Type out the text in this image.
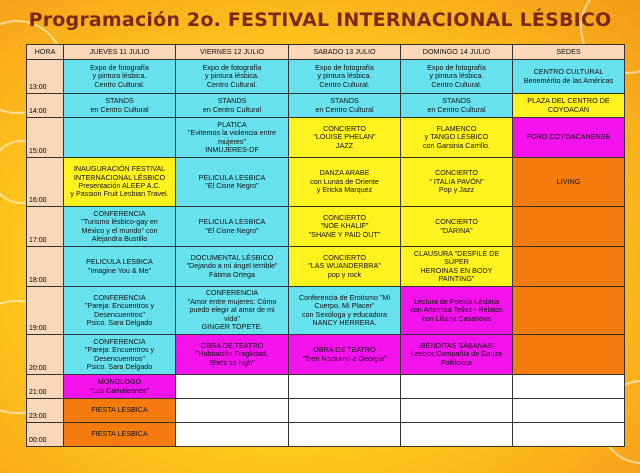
Programación 2o. FESTIVAL INTERNACIONAL LÉSBICO
HORA	JUEVES 11 JULIO	VIERNES 12 JULIO	SABADO 13 JULIO	DOMINGO 14 JULIO	SEDES
13:00	Expo de fotografía
y pintura lésbica.
Centro Cultural.	Expo de fotografía
y pintura lésbica.
Centro Cultural.	Expo de fotografía
y pintura lésbica.
Centro Cultural.	Expo de fotografía
y pintura lésbica.
Centro Cultural.	CENTRO CULTURAL
Benemérito de las Américas

14:00	STANDS
en Centro Cultural	STANDS
en Centro Cultural	STANDS
en Centro Cultural	STANDS
en Centro Cultural	PLAZA DEL CENTRO DE
COYOACAN

15:00		PLATICA
"Evitemos la violencia entre
mujeres"
INMUJERES-DF	CONCIERTO
"LOUISE PHELAN"
JAZZ	FLAMENCO
y TANGO LÉSBICO
con Garsinia Carrillo.	FORO COYOACANENSE

16:00	INAUGURACIÓN FESTIVAL
INTERNACIONAL LÉSBICO
Presentación ALEEP A.C.
y Passion Fruit Lesbian Travel.	PELICULA LESBICA
"El Cisne Negro"	DANZA ARABE
con Lunas de Oriente
y Ericka Marquez	CONCIERTO
" ITALIA PAVÓN"
Pop y Jazz	LIVING

17:00	CONFERENCIA
"Turismo lésbico-gay en
México y el mundo" con
Alejandra Bustillo	PELICULA LESBICA
"El Cisne Negro"	CONCIERTO
"NOE KHALIF"
"SHANE Y PAID OUT"	CONCIERTO
"DARINA"	

18:00	PELICULA LESBICA
"Imagine You & Me"	DOCUMENTAL LÉSBICO
"Dejando a mi ángel terrible"
Fátima Ortega	CONCIERTO
"LAS WUANDERBRA"
pop y rock	CLAUSURA "DESFILE DE SÚPER
HEROINAS EN BODY
PAINTING"	

19:00	CONFERENCIA
"Pareja: Encuentros y
Desencuentros"
Psico. Sara Delgado	CONFERENCIA
"Amor entre mujeres: Cómo
puedo elegir al amor de mi
vida"
GINGER TOPETE.	Conferencia de Erotismo "Mi
Cuerpo, Mi Placer"
con Sexóloga y educadora
NANCY HERRERA.	Lectura de Poesía Lésbica
con Artemisa Tellez - Relatos
con Liliana Casanova	

20:00	CONFERENCIA
"Pareja: Encuentros y
Desencuentros"
Psico. Sara Delgado	OBRA DE TEATRO
"Habitación Fragilidad,
She's so high"	OBRA DE TEATRO
"Tren Nocturno a Georgia"	¡BENDITAS SÁBANAS!
Lesbos Compañía de Danza
Folklorica	

21:00	MONOLOGO
"Los Camaleones"				

23:00	FIESTA LESBICA				

00:00	FIESTA LESBICA				
